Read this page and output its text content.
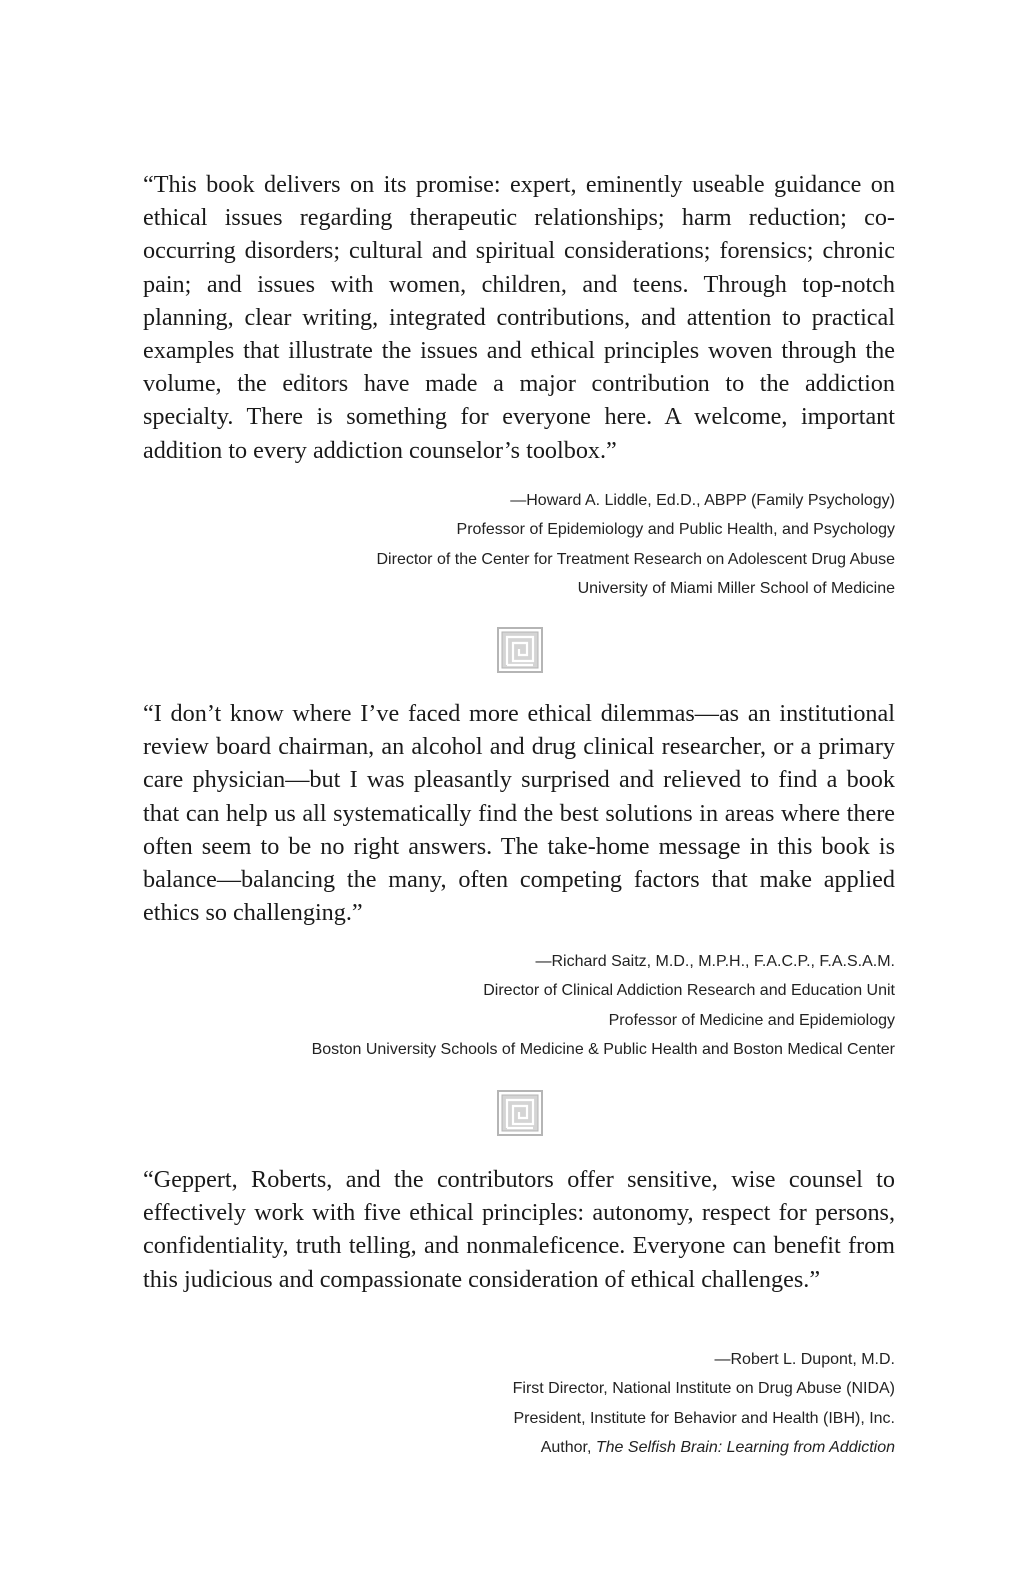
“This book delivers on its promise: expert, eminently useable guidance on ethical issues regarding therapeutic relationships; harm reduction; co-occurring disorders; cultural and spiritual considerations; forensics; chronic pain; and issues with women, children, and teens. Through top-notch planning, clear writing, integrated contributions, and attention to practical examples that illustrate the issues and ethical principles woven through the volume, the editors have made a major contribution to the addiction specialty. There is something for everyone here. A welcome, important addition to every addiction counselor’s toolbox.”

—Howard A. Liddle, Ed.D., ABPP (Family Psychology)

Professor of Epidemiology and Public Health, and Psychology

Director of the Center for Treatment Research on Adolescent Drug Abuse

University of Miami Miller School of Medicine

“I don’t know where I’ve faced more ethical dilemmas—as an institutional review board chairman, an alcohol and drug clinical researcher, or a primary care physician—but I was pleasantly surprised and relieved to find a book that can help us all systematically find the best solutions in areas where there often seem to be no right answers. The take-home message in this book is balance—balancing the many, often competing factors that make applied ethics so challenging.”

—Richard Saitz, M.D., M.P.H., F.A.C.P., F.A.S.A.M.

Director of Clinical Addiction Research and Education Unit

Professor of Medicine and Epidemiology

Boston University Schools of Medicine & Public Health and Boston Medical Center

“Geppert, Roberts, and the contributors offer sensitive, wise counsel to effectively work with five ethical principles: autonomy, respect for persons, confidentiality, truth telling, and nonmaleficence. Everyone can benefit from this judicious and compassionate consideration of ethical challenges.”

—Robert L. Dupont, M.D.

First Director, National Institute on Drug Abuse (NIDA)

President, Institute for Behavior and Health (IBH), Inc.

Author, The Selfish Brain: Learning from Addiction
